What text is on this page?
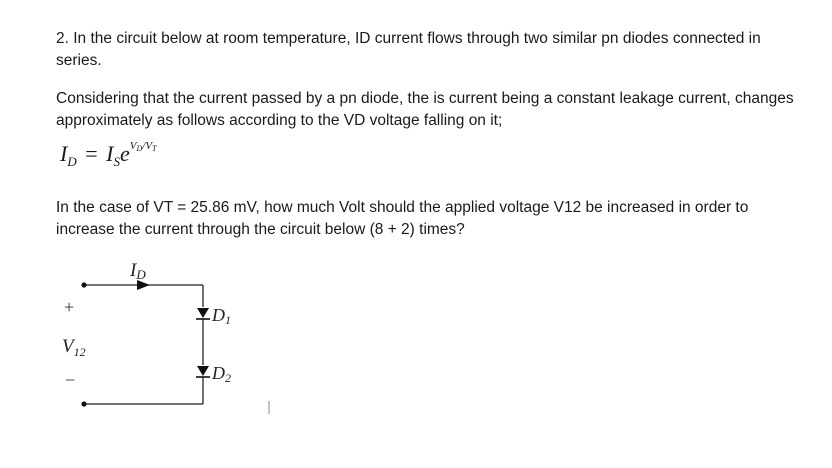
2. In the circuit below at room temperature, ID current flows through two similar pn diodes connected in series.

Considering that the current passed by a pn diode, the is current being a constant leakage current, changes approximately as follows according to the VD voltage falling on it;

$I_D = I_Se^{V_D/V_T}$

In the case of VT = 25.86 mV, how much Volt should the applied voltage V12 be increased in order to increase the current through the circuit below (8 + 2) times?

ID
+
$V_{12}$
−
D1
D2
